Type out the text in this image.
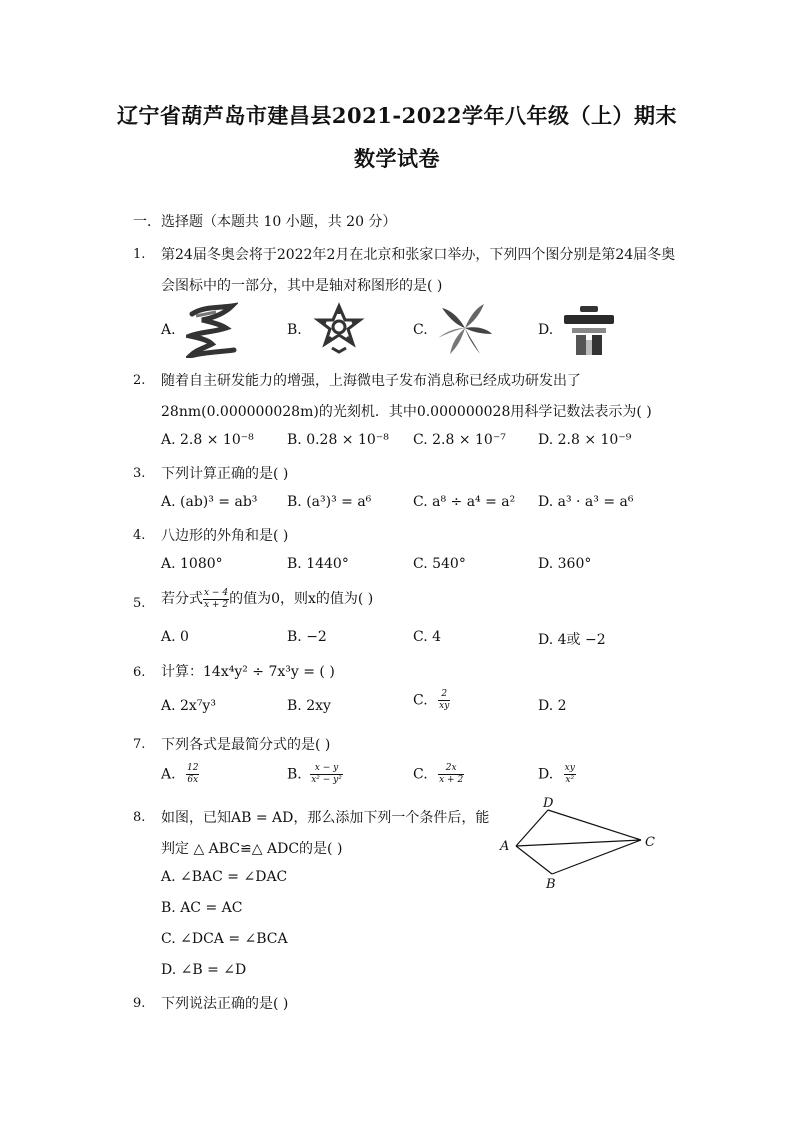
辽宁省葫芦岛市建昌县2021-2022学年八年级（上）期末
数学试卷
一．选择题（本题共 10 小题，共 20 分）
1. 第24届冬奥会将于2022年2月在北京和张家口举办，下列四个图分别是第24届冬奥
会图标中的一部分，其中是轴对称图形的是( )
A.	B.	C.	D.
2. 随着自主研发能力的增强，上海微电子发布消息称已经成功研发出了
28nm(0.000000028m)的光刻机．其中0.000000028用科学记数法表示为( )
A. 2.8 × 10⁻⁸ B. 0.28 × 10⁻⁸ C. 2.8 × 10⁻⁷ D. 2.8 × 10⁻⁹
3. 下列计算正确的是( )
A. (ab)³ = ab³ B. (a³)³ = a⁶	C. a⁸ ÷ a⁴ = a² D. a³ · a³ = a⁶
4. 八边形的外角和是( )
A. 1080°	B. 1440°	C. 540°	D. 360°
5. 若分式 $\frac{x - 4}{x + 2}$ 的值为0，则x的值为( )
A. 0	B. −2	C. 4	D. 4或 −2
6. 计算：14x⁴y² ÷ 7x³y = ( )
A. 2x⁷y³	B. 2xy	C. $\frac{2}{xy}$	D. 2
7. 下列各式是最简分式的是( )
A. $\frac{12}{6x}$	B. $\frac{x - y}{\text{x² − y²}}$	C. $\frac{2x}{x + 2}$	D. $\frac{xy}{\text{x²}}$
8. 如图，已知AB = AD，那么添加下列一个条件后，能
判定 △ ABC≌△ ADC的是( )
A. ∠BAC = ∠DAC
B. AC = AC
C. ∠DCA = ∠BCA
D. ∠B = ∠D
A
B
C
D
9. 下列说法正确的是( )
